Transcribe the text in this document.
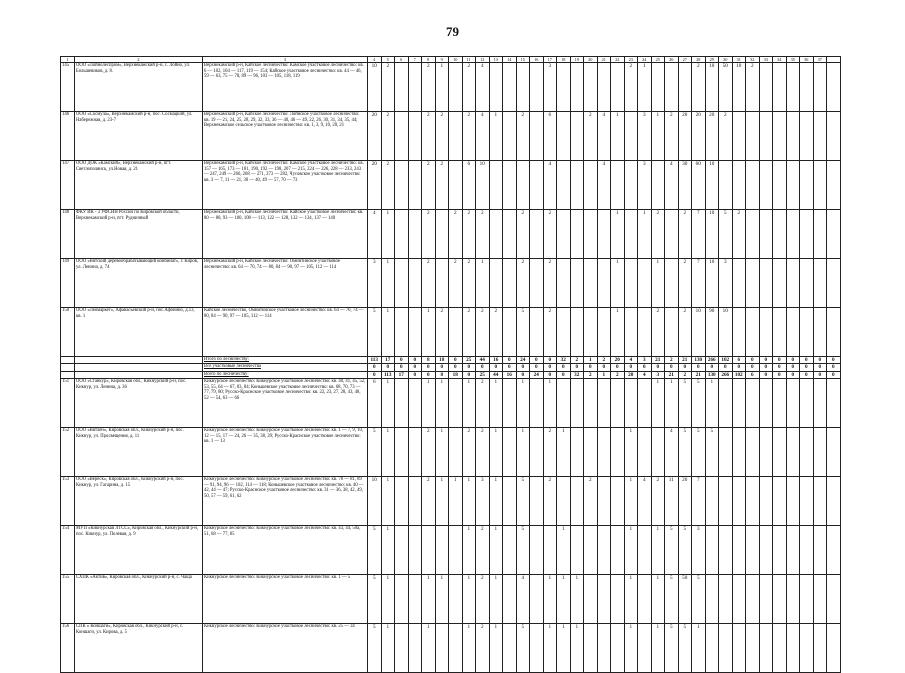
79
1	2	3	4	5	6	7	8	9	10	11	12	13	14	15	16	17	18	19	20	21	22	23	24	25	26	27	28	29	30	31	32	33	34	35	36	37	
145	ООО «Лойнолеспром», Верхнекамский р-н, с. Лойно, ул. Большевиков, д. 8.	Верхнекамский р-н, Кайское лесничество: Камское участковое лесничество: кв. 6 — 102, 104 — 117, 119 — 154; Кайское участковое лесничество: кв. 44 — 46, 59 — 63, 75 — 78, 89 — 96, 103 — 105, 118, 119	10	2			2	1		2	4					3						2	1				2	10	50	10	2						
146	ООО «Сосмула», Верхнекамский р-н, пос. Сосмацкий, ул. Набережная, д. 23-7	Верхнекамский р-н, Кайское лесничество: Лойнское участковое лесничество: кв. 19 — 21, 24, 25, 28, 29, 32, 33, 36 — 40, 46 — 49, 22, 26, 30, 31, 34, 35, 44; Верхнекамское сельское участковое лесничество: кв. 1, 3, 9, 10, 20, 21	20	2			2	2		2	4	1		2		6			2	4	1		3	1	2	20	20	20	2								
147	ООО ДОК «Камский», Верхнекамский р-н, пгт. Светлополянск, ул.Новая, д. 21	Верхнекамский р-н, Кайское лесничество: Камское участковое лесничество: кв. 157 — 165, 173 — 181, 190, 192 — 198, 207 — 215, 224 — 226, 228 — 233, 243 — 247, 249 — 266, 268 — 271, 273 — 282, Чусовское участковое лесничество: кв. 3 — 7, 11 — 21, 30 — 40, 49 — 57, 70 — 73	20	2			2	2		6	10					4				4			3		4	30	60	10									
148	ФКУ ИК - 3 УФСИН России по Кировской области, Верхнекамский р-н, пгт. Рудничный	Верхнекамский р-н, Кайское лесничество: Кайское участковое лесничество: кв. 80 — 88, 93 — 100, 108 — 113, 122 — 128, 132 — 134, 137 — 140	4	1			2		2	2	2			2		2					1		1	2		2	7	10	5	2							
149	ООО «Вятский деревообрабатывающий комбинат», г. Киров, ул. Ленина, д. 74	Верхнекамский р-н, Кайское лесничество: Омнитинское участковое лесничество: кв. 64 — 70, 74 — 80, 84 — 90, 97 — 105, 112 — 114	3	1			2		2	2	1			2		2					1			1		2	7	10	3								
150	ООО «Леомаркет», Афанасьевский р-н, пос.Афонино, д.13, кв. 1	Кайское лесничество, Омнитинское участковое лесничество: кв. 64 — 70, 74 — 80, 84 — 90, 97 — 105, 112 — 114	5	1			1	2		2	2	2		5		2					1			2		2	10	90	10								
		Итого по лесничеству:	113	17	0	0	8	18	0	25	44	16	0	24	0	0	32	2	1	2	20	4	3	21	2	21	130	266	102	6	0	0	0	0	0	0	0
		Все участковые лесничества	0	0	0	0	0	0	0	0	0	0	0	0	0	0	0	0	0	0	0	0	0	0	0	0	0	0	0	0	0	0	0	0	0	0	0
		Всего по лесничеству:	0	113	17	0	0	8	18	0	25	44	16	0	24	0	0	32	2	1	2	20	4	3	21	2	21	130	266	102	6	0	0	0	0	0	0
151	ООО «Станкур», Кировская обл., Кикнурский р-н, пос. Кикнур, ул. Ленина, д. 36	Кикнурское лесничество: Кикнурское участковое лесничество: кв. 40, 41, 45, 52, 53, 55, 64 — 67, 83, 84; Коньшевское участковое лесничество: кв. 68, 70, 73 — 77, 79, 80; Русско-Краснское участковое лесничество: кв. 22, 23, 27, 28, 43, 48, 52 — 54, 63 — 66	6	1			1	1		1	2	1		1		1								1	1	5	5	1									
152	ООО «Вятлен», Кировская обл., Кикнурский р-н, пос. Кикнур, ул. Просвещения, д. 11	Кикнурское лесничество: Кикнурское участковое лесничество: кв. 1 — 7, 9, 10, 12 — 15, 17 — 24, 26 — 35, 38, 39; Русско-Краснское участковое лесничество: кв. 1 — 13	5	1			2	1		2	2	1		1		2	1					1			4	5	5	5									
153	ООО «Вереск», Кировская обл., Кикнурский р-н, пос. Кикнур, ул. Гагарина, д. 15	Кикнурское лесничество: Кикнурское участковое лесничество: кв. 78 — 81, 89 — 91, 94, 96 — 102, 114 — 118; Коньшевское участковое лесничество: кв. 40 — 42, 44 — 47; Русско-Краснское участковое лесничество: кв. 31 — 36, 38, 42, 49, 50, 57 — 59, 61, 62	10	1			2	1	1	1	3	1		5		2			2			1	4	2	11	20	7										
154	МУП «Кикнурская ЛТСС», Кировская обл., Кикнурский р-н, пос. Кикнур, ул. Полевая, д. 9	Кикнурское лесничество: Кикнурское участковое лесничество: кв. 43, 44, 50а, 51, 68 — 77, 85	5	1						1	2	1		5			1					1		1	5	5	3										
155	СХПК «Актив», Кировская обл., Кикнурский р-н, с. Чаща	Кикнурское лесничество: Кикнурское участковое лесничество: кв. 1 — 5	5	1			1	1		1	2	1		4		1	1	1				1		1	5	50	5										
156	СПК « Коншаги», Кировская обл., Кикнурский р-н, с. Коншаги, ул. Кирова, д. 5	Кикнурское лесничество: Кикнурское участковое лесничество: кв. 25 — 34	5	1			1			1	2	1		5		1	1	1				1		1	5	5	1										
